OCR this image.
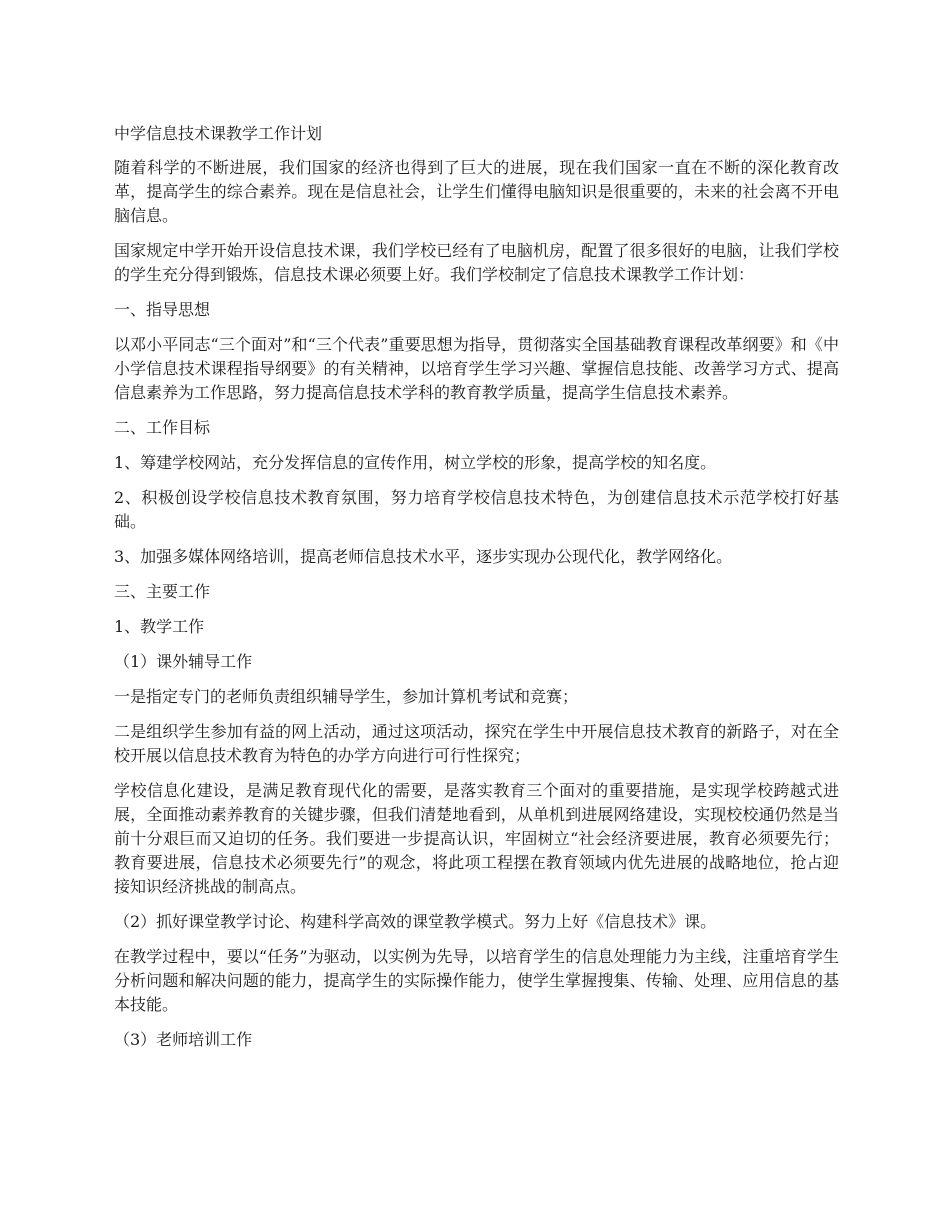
中学信息技术课教学工作计划

随着科学的不断进展，我们国家的经济也得到了巨大的进展，现在我们国家一直在不断的深化教育改革，提高学生的综合素养。现在是信息社会，让学生们懂得电脑知识是很重要的，未来的社会离不开电脑信息。

国家规定中学开始开设信息技术课，我们学校已经有了电脑机房，配置了很多很好的电脑，让我们学校的学生充分得到锻炼，信息技术课必须要上好。我们学校制定了信息技术课教学工作计划：

一、指导思想

以邓小平同志“三个面对”和“三个代表”重要思想为指导，贯彻落实全国基础教育课程改革纲要》和《中小学信息技术课程指导纲要》的有关精神，以培育学生学习兴趣、掌握信息技能、改善学习方式、提高信息素养为工作思路，努力提高信息技术学科的教育教学质量，提高学生信息技术素养。

二、工作目标

1、筹建学校网站，充分发挥信息的宣传作用，树立学校的形象，提高学校的知名度。

2、积极创设学校信息技术教育氛围，努力培育学校信息技术特色，为创建信息技术示范学校打好基础。

3、加强多媒体网络培训，提高老师信息技术水平，逐步实现办公现代化，教学网络化。

三、主要工作

1、教学工作

（1）课外辅导工作

一是指定专门的老师负责组织辅导学生，参加计算机考试和竞赛；

二是组织学生参加有益的网上活动，通过这项活动，探究在学生中开展信息技术教育的新路子，对在全校开展以信息技术教育为特色的办学方向进行可行性探究；

学校信息化建设，是满足教育现代化的需要，是落实教育三个面对的重要措施，是实现学校跨越式进展，全面推动素养教育的关键步骤，但我们清楚地看到，从单机到进展网络建设，实现校校通仍然是当前十分艰巨而又迫切的任务。我们要进一步提高认识，牢固树立“社会经济要进展，教育必须要先行；教育要进展，信息技术必须要先行”的观念，将此项工程摆在教育领域内优先进展的战略地位，抢占迎接知识经济挑战的制高点。

（2）抓好课堂教学讨论、构建科学高效的课堂教学模式。努力上好《信息技术》课。

在教学过程中，要以“任务”为驱动，以实例为先导，以培育学生的信息处理能力为主线，注重培育学生分析问题和解决问题的能力，提高学生的实际操作能力，使学生掌握搜集、传输、处理、应用信息的基本技能。

（3）老师培训工作
